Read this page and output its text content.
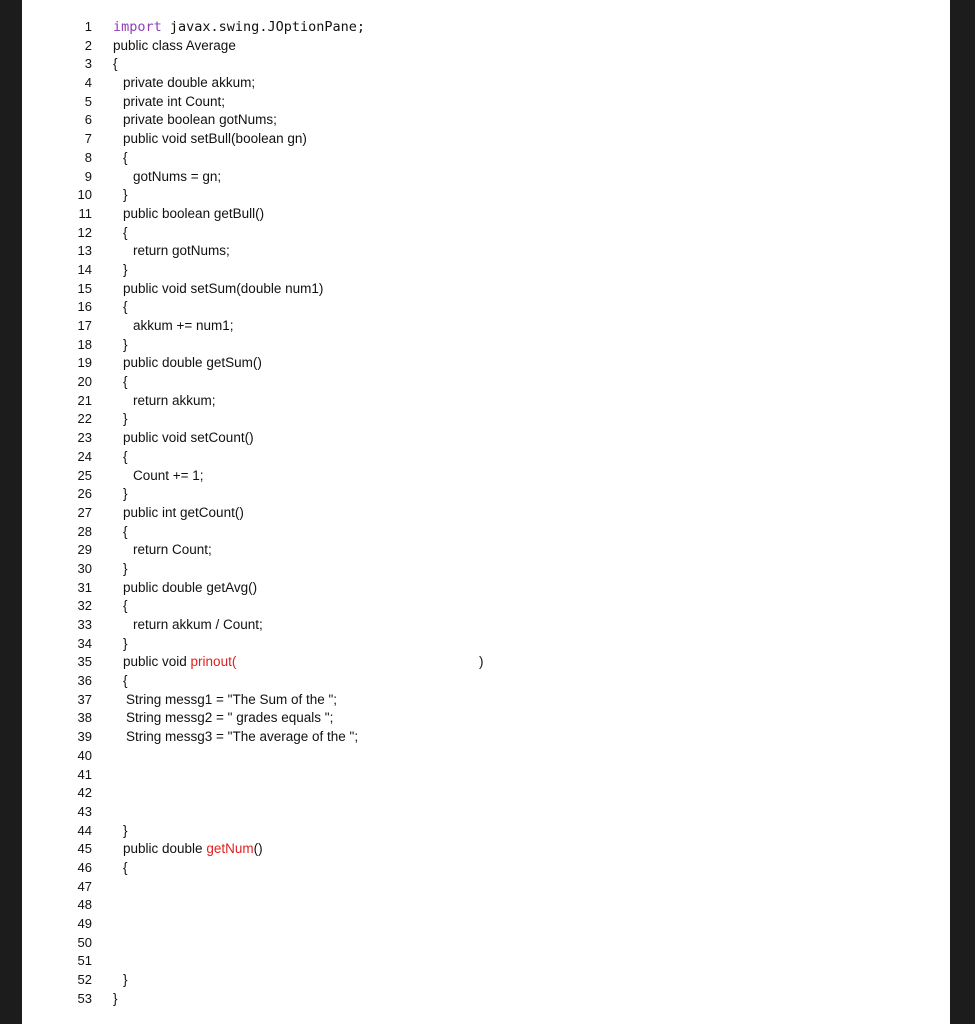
1 import javax.swing.JOptionPane;
2 public class Average
3 {
4 private double akkum;
5 private int Count;
6 private boolean gotNums;
7 public void setBull(boolean gn)
8 {
9	gotNums = gn;
10 }
11 public boolean getBull()
12 {
13	return gotNums;
14 }
15 public void setSum(double num1)
16 {
17	akkum += num1;
18 }
19 public double getSum()
20 {
21	return akkum;
22 }
23 public void setCount()
24 {
25	Count += 1;
26 }
27 public int getCount()
28 {
29	return Count;
30 }
31 public double getAvg()
32 {
33	return akkum / Count;
34 }
35 public void prinout(	)
36 {
37	String messg1 = "The Sum of the ";
38	String messg2 = " grades equals ";
39	String messg3 = "The average of the ";
40
41
42
43
44 }
45 public double getNum()
46 {
47
48
49
50
51
52 }
53 }
